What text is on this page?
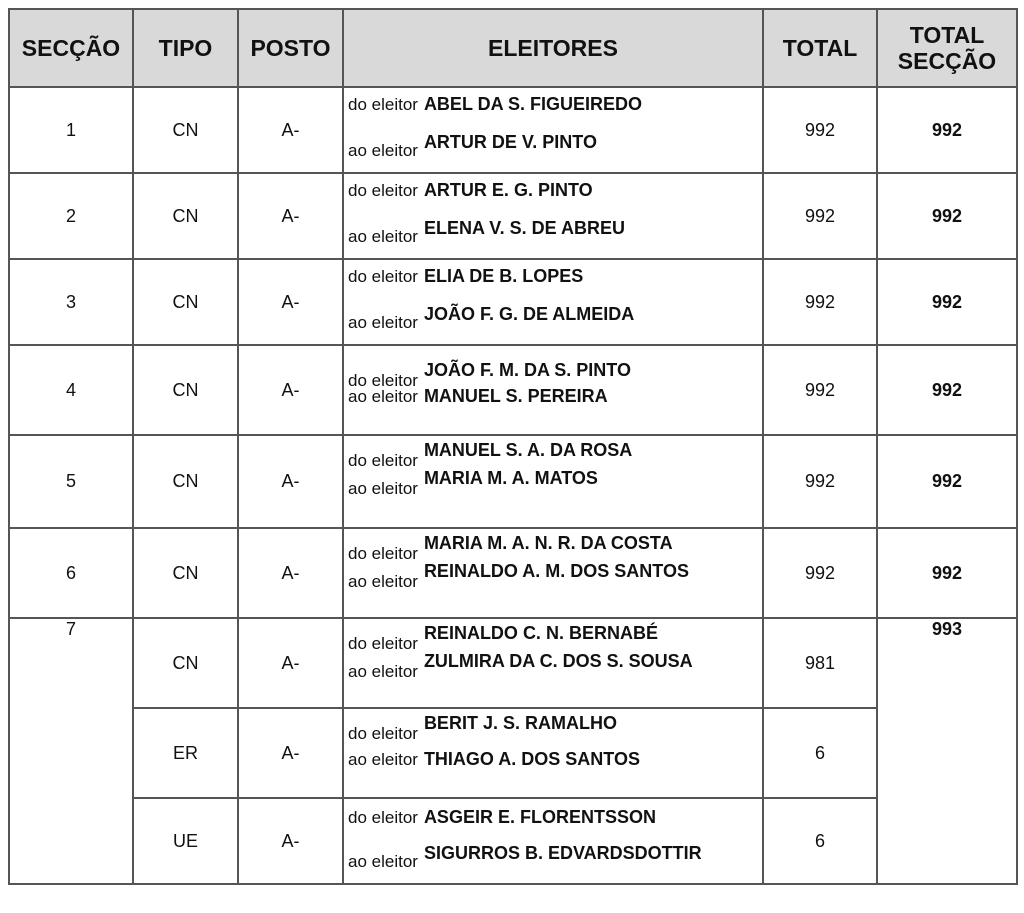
SECÇÃO	TIPO	POSTO	ELEITORES	TOTAL	TOTAL
SECÇÃO
1	CN	A-	do eleitor ABEL DA S. FIGUEIREDO
ao eleitor ARTUR DE V. PINTO	992	992
2	CN	A-	do eleitor ARTUR E. G. PINTO
ao eleitor ELENA V. S. DE ABREU	992	992
3	CN	A-	do eleitor ELIA DE B. LOPES
ao eleitor JOÃO F. G. DE ALMEIDA	992	992
4	CN	A-	do eleitorJOÃO F. M. DA S. PINTO
ao eleitor MANUEL S. PEREIRA	992	992
5	CN	A-	do eleitorMANUEL S. A. DA ROSA
ao eleitorMARIA M. A. MATOS	992	992
6	CN	A-	do eleitorMARIA M. A. N. R. DA COSTA
ao eleitorREINALDO A. M. DOS SANTOS	992	992
7	CN	A-	do eleitorREINALDO C. N. BERNABÉ
ao eleitorZULMIRA DA C. DOS S. SOUSA	981	993
	ER	A-	do eleitorBERIT J. S. RAMALHO
ao eleitor THIAGO A. DOS SANTOS	6	
	UE	A-	do eleitor ASGEIR E. FLORENTSSON
ao eleitor SIGURROS B. EDVARDSDOTTIR	6	
